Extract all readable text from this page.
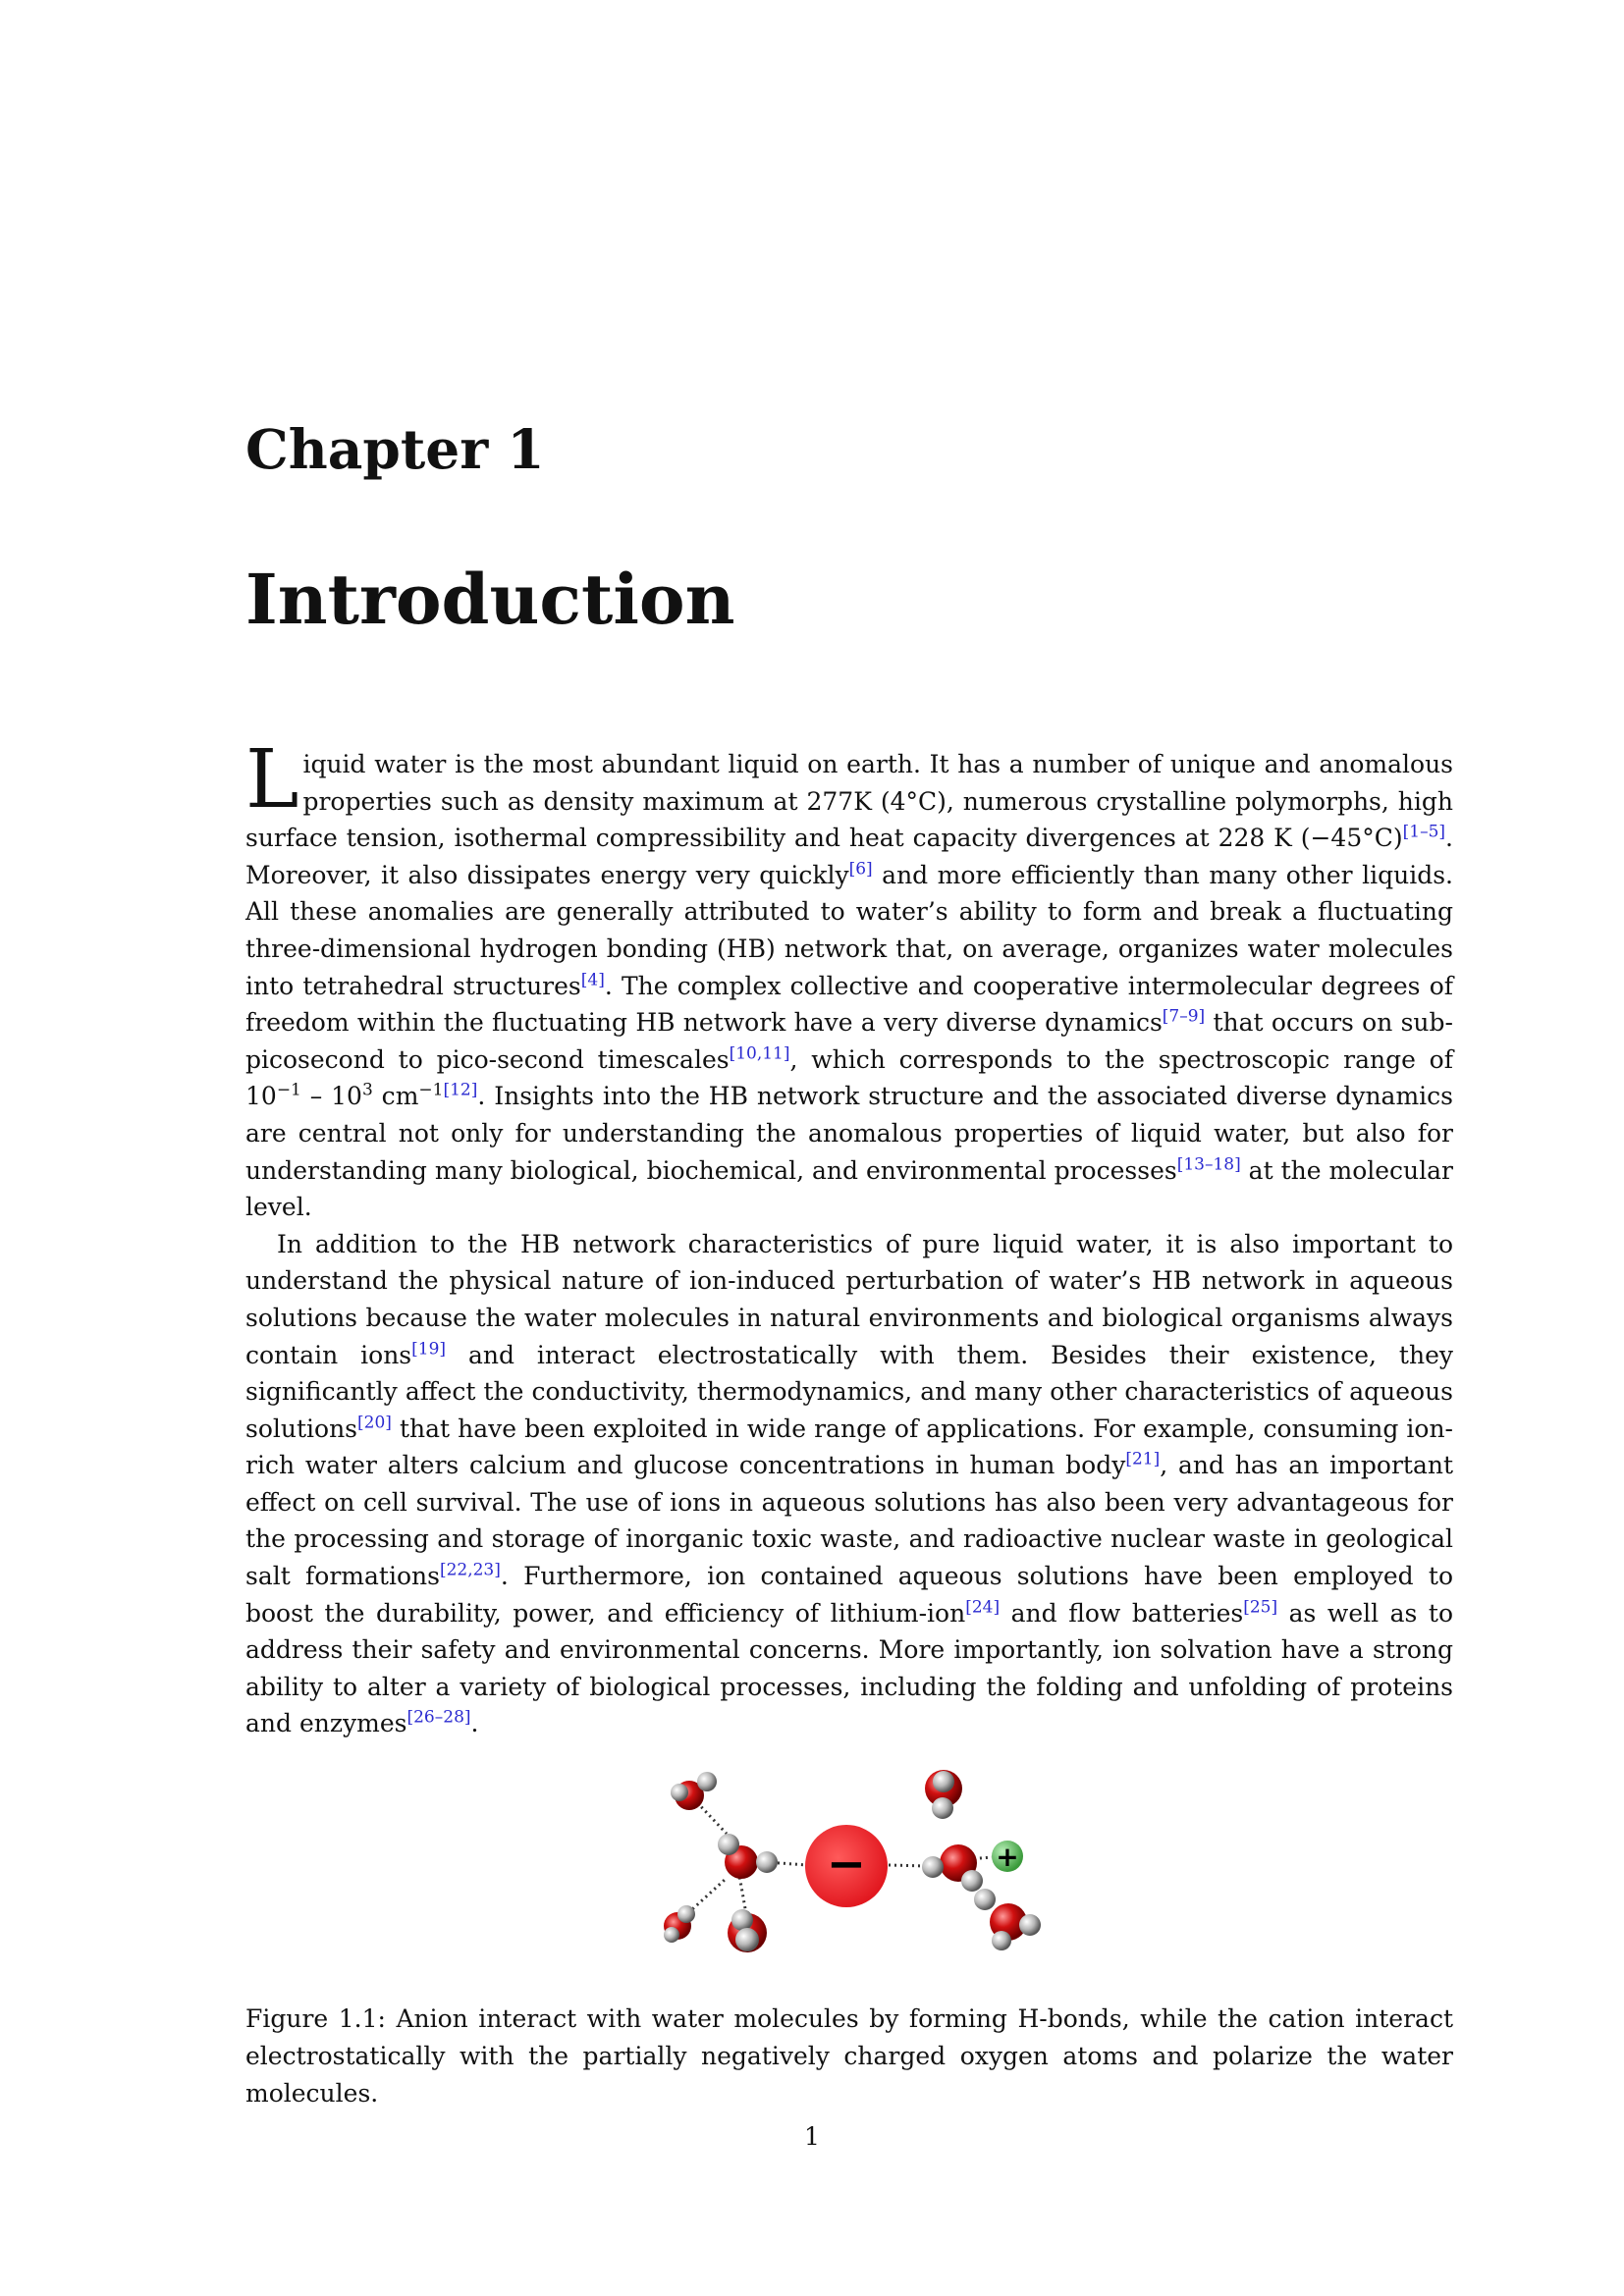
Chapter 1
Introduction

Liquid water is the most abundant liquid on earth. It has a number of unique and anomalous properties such as density maximum at 277K (4°C), numerous crystalline polymorphs, high surface tension, isothermal compressibility and heat capacity divergences at 228 K (−45°C)[1–5]. Moreover, it also dissipates energy very quickly[6] and more efficiently than many other liquids. All these anomalies are generally attributed to water’s ability to form and break a fluctuating three-dimensional hydrogen bonding (HB) network that, on average, organizes water molecules into tetrahedral structures[4]. The complex collective and cooperative intermolecular degrees of freedom within the fluctuating HB network have a very diverse dynamics[7–9] that occurs on sub-picosecond to pico-second timescales[10,11], which corresponds to the spectroscopic range of $10^{-1} - 10^3$ cm$^{-1[12]}$. Insights into the HB network structure and the associated diverse dynamics are central not only for understanding the anomalous properties of liquid water, but also for understanding many biological, biochemical, and environmental processes[13–18] at the molecular level.

In addition to the HB network characteristics of pure liquid water, it is also important to understand the physical nature of ion-induced perturbation of water’s HB network in aqueous solutions because the water molecules in natural environments and biological organisms always contain ions[19] and interact electrostatically with them. Besides their existence, they significantly affect the conductivity, thermodynamics, and many other characteristics of aqueous solutions[20] that have been exploited in wide range of applications. For example, consuming ion-rich water alters calcium and glucose concentrations in human body[21], and has an important effect on cell survival. The use of ions in aqueous solutions has also been very advantageous for the processing and storage of inorganic toxic waste, and radioactive nuclear waste in geological salt formations[22,23]. Furthermore, ion contained aqueous solutions have been employed to boost the durability, power, and efficiency of lithium-ion[24] and flow batteries[25] as well as to address their safety and environmental concerns. More importantly, ion solvation have a strong ability to alter a variety of biological processes, including the folding and unfolding of proteins and enzymes[26–28].

−	+

Figure 1.1: Anion interact with water molecules by forming H-bonds, while the cation interact electrostatically with the partially negatively charged oxygen atoms and polarize the water molecules.

1
